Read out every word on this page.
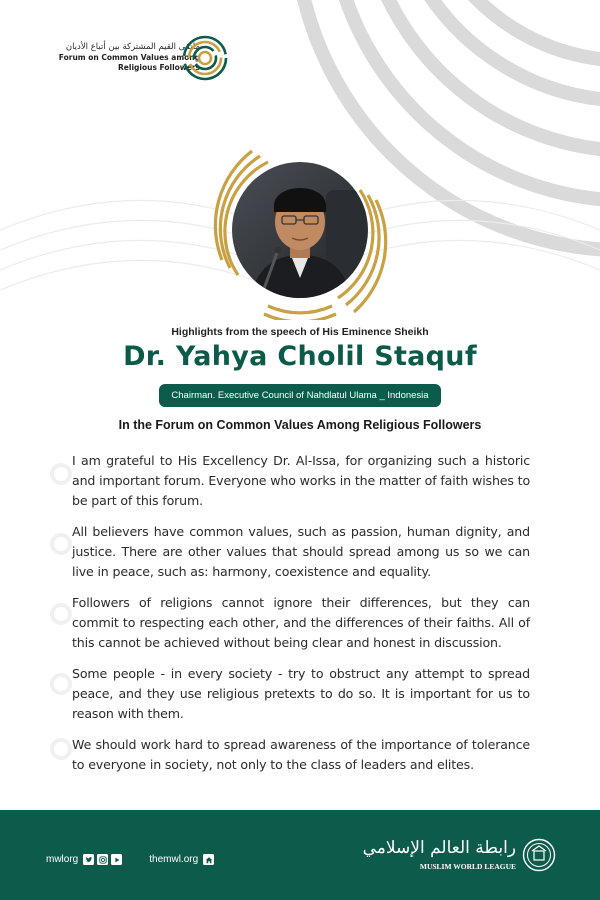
ملتقى القيم المشتركة بين أتباع الأديان
Forum on Common Values among
Religious Followers
Highlights from the speech of His Eminence Sheikh
Dr. Yahya Cholil Staquf
Chairman. Executive Council of Nahdlatul Ulama _ Indonesia
In the Forum on Common Values Among Religious Followers

I am grateful to His Excellency Dr. Al-Issa, for organizing such a historic and important forum. Everyone who works in the matter of faith wishes to be part of this forum.

All believers have common values, such as passion, human dignity, and justice. There are other values that should spread among us so we can live in peace, such as: harmony, coexistence and equality.

Followers of religions cannot ignore their differences, but they can commit to respecting each other, and the differences of their faiths. All of this cannot be achieved without being clear and honest in discussion.

Some people - in every society - try to obstruct any attempt to spread peace, and they use religious pretexts to do so. It is important for us to reason with them.

We should work hard to spread awareness of the importance of tolerance to everyone in society, not only to the class of leaders and elites.

mwlorg	themwl.org
رابطة العالم الإسلامي
MUSLIM WORLD LEAGUE
